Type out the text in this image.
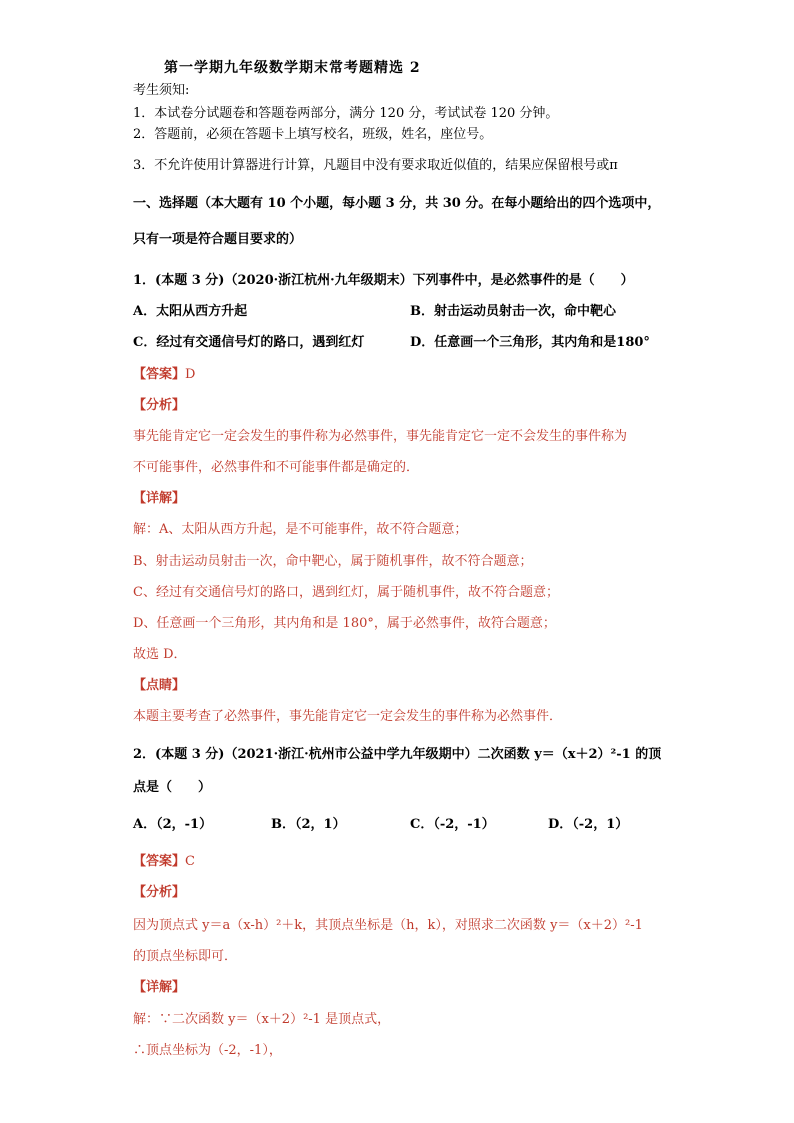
第一学期九年级数学期末常考题精选 2
考生须知:
1．本试卷分试题卷和答题卷两部分，满分 120 分，考试试卷 120 分钟。
2．答题前，必须在答题卡上填写校名，班级，姓名，座位号。
3．不允许使用计算器进行计算，凡题目中没有要求取近似值的，结果应保留根号或π
一、选择题（本大题有 10 个小题，每小题 3 分，共 30 分。在每小题给出的四个选项中，
只有一项是符合题目要求的）
1．(本题 3 分)（2020·浙江杭州·九年级期末）下列事件中，是必然事件的是（　　）
A．太阳从西方升起	B．射击运动员射击一次，命中靶心
C．经过有交通信号灯的路口，遇到红灯	D．任意画一个三角形，其内角和是180°
【答案】D
【分析】
事先能肯定它一定会发生的事件称为必然事件，事先能肯定它一定不会发生的事件称为
不可能事件，必然事件和不可能事件都是确定的．
【详解】
解：A、太阳从西方升起，是不可能事件，故不符合题意；
B、射击运动员射击一次，命中靶心，属于随机事件，故不符合题意；
C、经过有交通信号灯的路口，遇到红灯，属于随机事件，故不符合题意；
D、任意画一个三角形，其内角和是 180°，属于必然事件，故符合题意；
故选 D．
【点睛】
本题主要考查了必然事件，事先能肯定它一定会发生的事件称为必然事件．
2．(本题 3 分)（2021·浙江·杭州市公益中学九年级期中）二次函数 y＝（x＋2）²-1 的顶
点是（　　）
A．（2，-1）	B．（2，1）	C．（-2，-1）	D．（-2，1）
【答案】C
【分析】
因为顶点式 y＝a（x-h）²＋k，其顶点坐标是（h，k），对照求二次函数 y＝（x＋2）²-1
的顶点坐标即可．
【详解】
解：∵二次函数 y＝（x＋2）²-1 是顶点式，
∴顶点坐标为（-2，-1），
